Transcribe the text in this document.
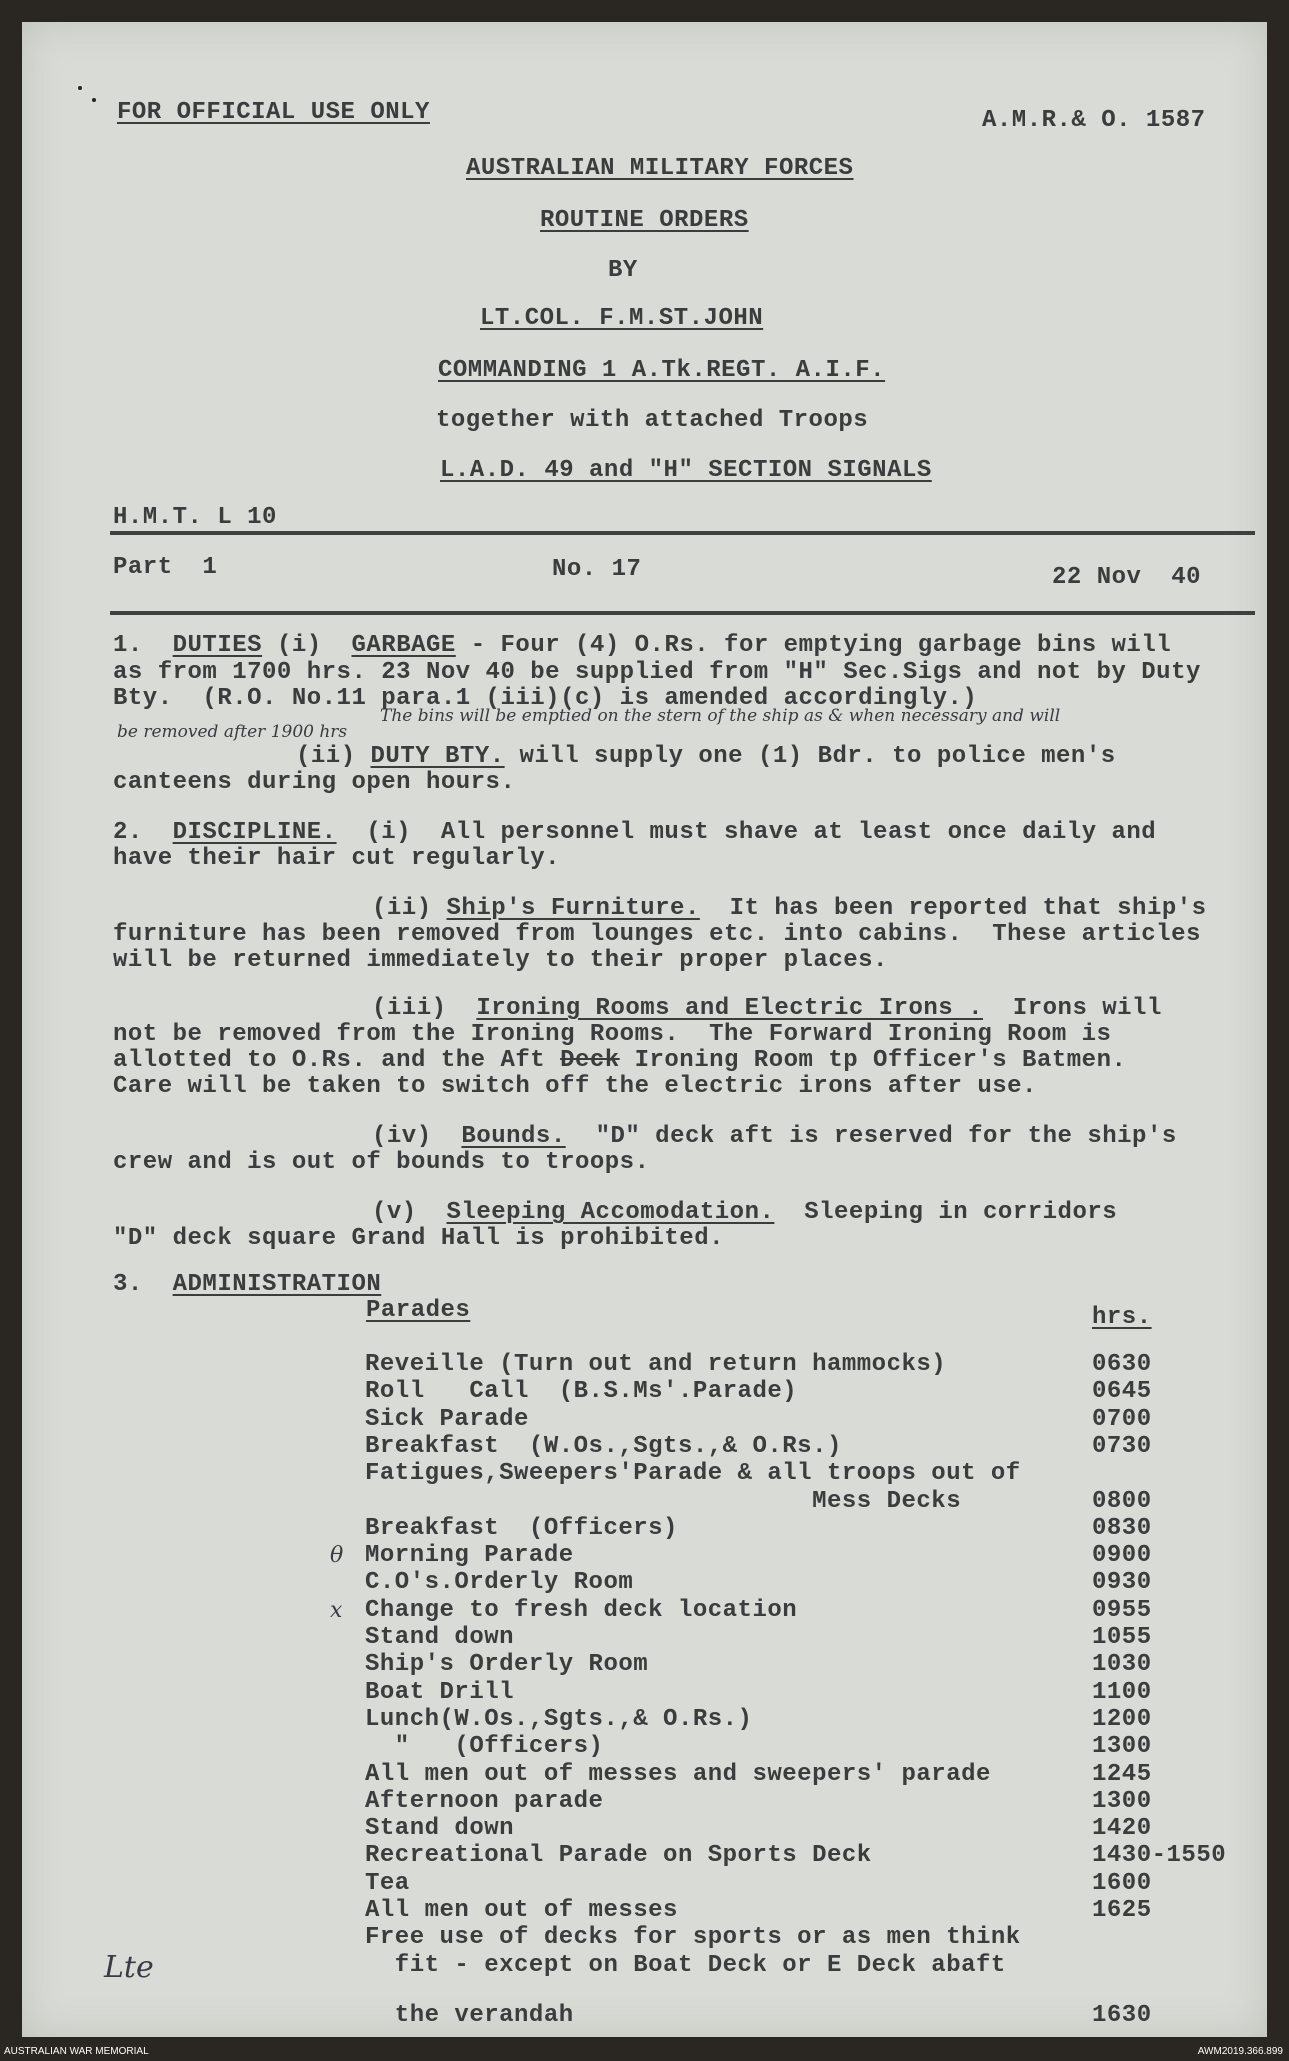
FOR OFFICIAL USE ONLY	A.M.R.& O. 1587
AUSTRALIAN MILITARY FORCES
ROUTINE ORDERS
BY
LT.COL. F.M.ST.JOHN
COMMANDING 1 A.Tk.REGT. A.I.F.
together with attached Troops
L.A.D. 49 and "H" SECTION SIGNALS
H.M.T. L 10
Part  1	No. 17	22 Nov  40
1. DUTIES (i) GARBAGE - Four (4) O.Rs. for emptying garbage bins will
as from 1700 hrs. 23 Nov 40 be supplied from "H" Sec.Sigs and not by Duty
Bty.  (R.O. No.11 para.1 (iii)(c) is amended accordingly.)
The bins will be emptied on the stern of the ship as & when necessary and will
be removed after 1900 hrs
(ii) DUTY BTY. will supply one (1) Bdr. to police men's
canteens during open hours.
2. DISCIPLINE. (i)  All personnel must shave at least once daily and
have their hair cut regularly.
(ii) Ship's Furniture. It has been reported that ship's
furniture has been removed from lounges etc. into cabins.  These articles
will be returned immediately to their proper places.
(iii) Ironing Rooms and Electric Irons . Irons will
not be removed from the Ironing Rooms.  The Forward Ironing Room is
allotted to O.Rs. and the Aft Deck Ironing Room tp Officer's Batmen.
Care will be taken to switch off the electric irons after use.
(iv) Bounds. "D" deck aft is reserved for the ship's
crew and is out of bounds to troops.
(v) Sleeping Accomodation. Sleeping in corridors
"D" deck square Grand Hall is prohibited.
3. ADMINISTRATION
Parades	hrs.
Reveille (Turn out and return hammocks)	0630
Roll   Call  (B.S.Ms'.Parade)	0645
Sick Parade	0700
Breakfast  (W.Os.,Sgts.,& O.Rs.)	0730
Fatigues,Sweepers'Parade & all troops out of
Mess Decks	0800
Breakfast  (Officers)	0830
θ Morning Parade	0900
C.O's.Orderly Room	0930
x Change to fresh deck location	0955
Stand down	1055
Ship's Orderly Room	1030
Boat Drill	1100
Lunch(W.Os.,Sgts.,& O.Rs.)	1200
"   (Officers)	1300
All men out of messes and sweepers' parade	1245
Afternoon parade	1300
Stand down	1420
Recreational Parade on Sports Deck	1430-1550
Tea	1600
All men out of messes	1625
Free use of decks for sports or as men think
fit - except on Boat Deck or E Deck abaft
the verandah	1630
Lte
AUSTRALIAN WAR MEMORIAL	AWM2019.366.899
